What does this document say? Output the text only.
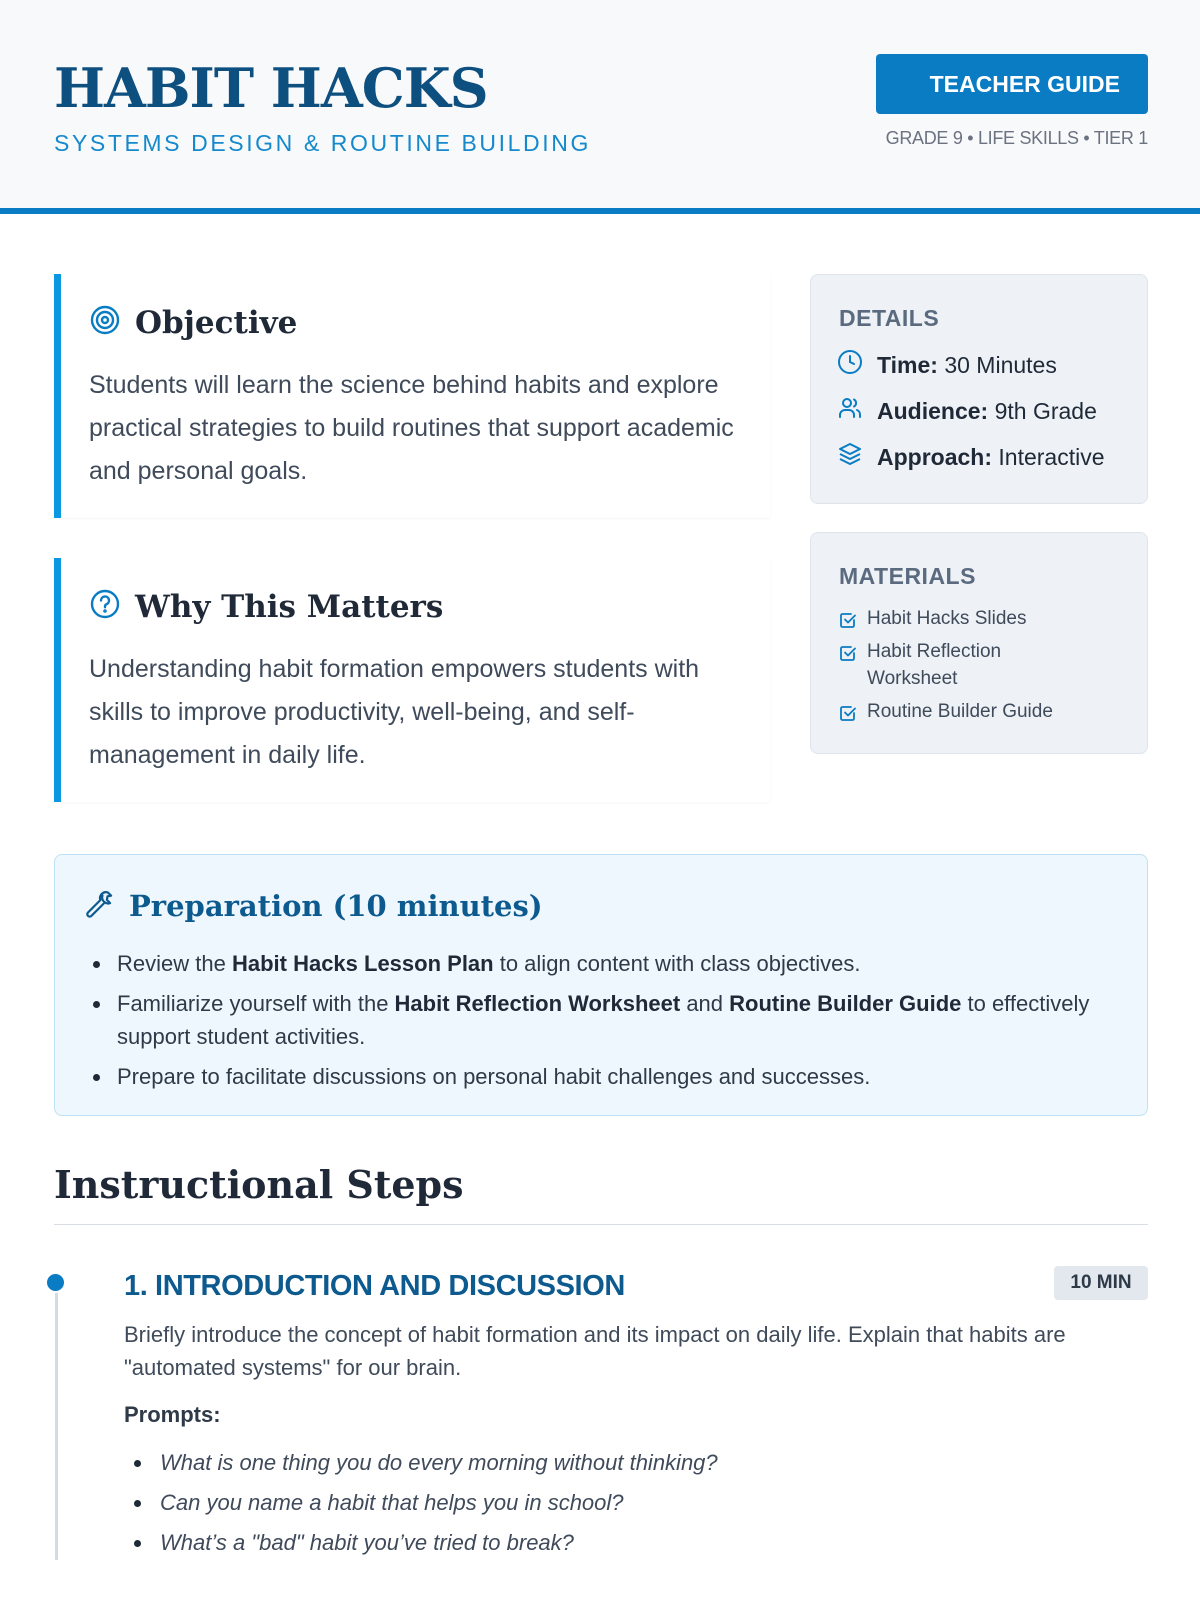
HABIT HACKS
SYSTEMS DESIGN & ROUTINE BUILDING
TEACHER GUIDE
GRADE 9 • LIFE SKILLS • TIER 1
Objective
Students will learn the science behind habits and explore practical strategies to build routines that support academic and personal goals.
Why This Matters
Understanding habit formation empowers students with skills to improve productivity, well-being, and self-management in daily life.
DETAILS
Time: 30 Minutes
Audience: 9th Grade
Approach: Interactive
MATERIALS
Habit Hacks Slides
Habit Reflection Worksheet
Routine Builder Guide
Preparation (10 minutes)
Review the Habit Hacks Lesson Plan to align content with class objectives.
Familiarize yourself with the Habit Reflection Worksheet and Routine Builder Guide to effectively support student activities.
Prepare to facilitate discussions on personal habit challenges and successes.
Instructional Steps
1. INTRODUCTION AND DISCUSSION	10 MIN
Briefly introduce the concept of habit formation and its impact on daily life. Explain that habits are "automated systems" for our brain.
Prompts:
What is one thing you do every morning without thinking?
Can you name a habit that helps you in school?
What’s a "bad" habit you’ve tried to break?
